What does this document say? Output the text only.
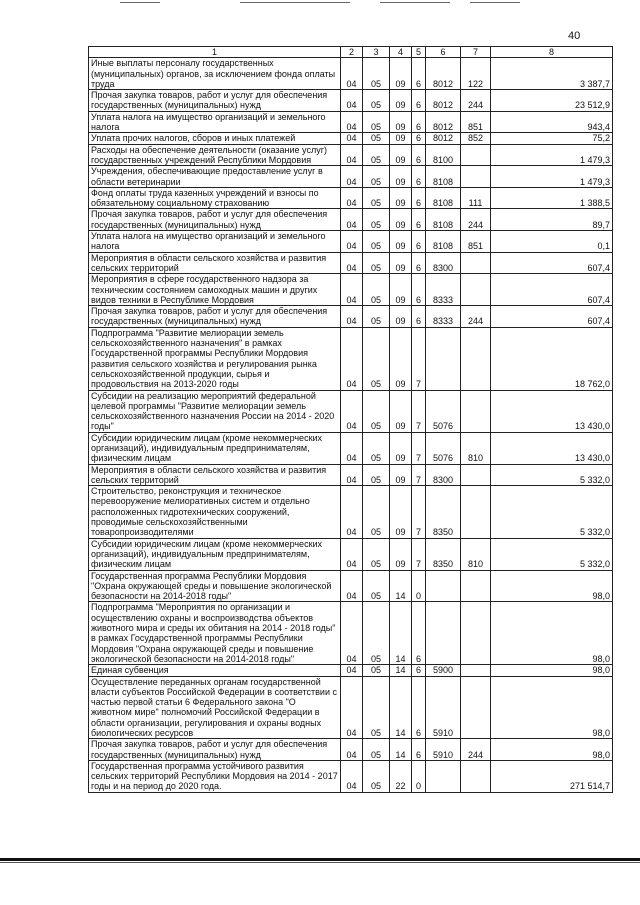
40
1	2	3	4	5	6	7	8
Иные выплаты персоналу государственных (муниципальных) органов, за исключением фонда оплаты труда	04	05	09	6	8012	122	3 387,7
Прочая закупка товаров, работ и услуг для обеспечения государственных (муниципальных) нужд	04	05	09	6	8012	244	23 512,9
Уплата налога на имущество организаций и земельного налога	04	05	09	6	8012	851	943,4
Уплата прочих налогов, сборов и иных платежей	04	05	09	6	8012	852	75,2
Расходы на обеспечение деятельности (оказание услуг) государственных учреждений Республики Мордовия	04	05	09	6	8100		1 479,3
Учреждения, обеспечивающие предоставление услуг в области ветеринарии	04	05	09	6	8108		1 479,3
Фонд оплаты труда казенных учреждений и взносы по обязательному социальному страхованию	04	05	09	6	8108	111	1 388,5
Прочая закупка товаров, работ и услуг для обеспечения государственных (муниципальных) нужд	04	05	09	6	8108	244	89,7
Уплата налога на имущество организаций и земельного налога	04	05	09	6	8108	851	0,1
Мероприятия в области сельского хозяйства и развития сельских территорий	04	05	09	6	8300		607,4
Мероприятия в сфере государственного надзора за техническим состоянием самоходных машин и других видов техники в Республике Мордовия	04	05	09	6	8333		607,4
Прочая закупка товаров, работ и услуг для обеспечения государственных (муниципальных) нужд	04	05	09	6	8333	244	607,4
Подпрограмма "Развитие мелиорации земель сельскохозяйственного назначения" в рамках Государственной программы Республики Мордовия развития сельского хозяйства и регулирования рынка сельскохозяйственной продукции, сырья и продовольствия на 2013-2020 годы	04	05	09	7			18 762,0
Субсидии на реализацию мероприятий федеральной целевой программы "Развитие мелиорации земель сельскохозяйственного назначения России на 2014 - 2020 годы"	04	05	09	7	5076		13 430,0
Субсидии юридическим лицам (кроме некоммерческих организаций), индивидуальным предпринимателям, физическим лицам	04	05	09	7	5076	810	13 430,0
Мероприятия в области сельского хозяйства и развития сельских территорий	04	05	09	7	8300		5 332,0
Строительство, реконструкция и техническое перевооружение мелиоративных систем и отдельно расположенных гидротехнических сооружений, проводимые сельскохозяйственными товаропроизводителями	04	05	09	7	8350		5 332,0
Субсидии юридическим лицам (кроме некоммерческих организаций), индивидуальным предпринимателям, физическим лицам	04	05	09	7	8350	810	5 332,0
Государственная программа Республики Мордовия "Охрана окружающей среды и повышение экологической безопасности на 2014-2018 годы"	04	05	14	0			98,0
Подпрограмма "Мероприятия по организации и осуществлению охраны и воспроизводства объектов животного мира и среды их обитания на 2014 - 2018 годы" в рамках Государственной программы Республики Мордовия "Охрана окружающей среды и повышение экологической безопасности на 2014-2018 годы"	04	05	14	6			98,0
Единая субвенция	04	05	14	6	5900		98,0
Осуществление переданных органам государственной власти субъектов Российской Федерации в соответствии с частью первой статьи 6 Федерального закона "О животном мире" полномочий Российской Федерации в области организации, регулирования и охраны водных биологических ресурсов	04	05	14	6	5910		98,0
Прочая закупка товаров, работ и услуг для обеспечения государственных (муниципальных) нужд	04	05	14	6	5910	244	98,0
Государственная программа устойчивого развития сельских территорий Республики Мордовия на 2014 - 2017 годы и на период до 2020 года.	04	05	22	0			271 514,7
